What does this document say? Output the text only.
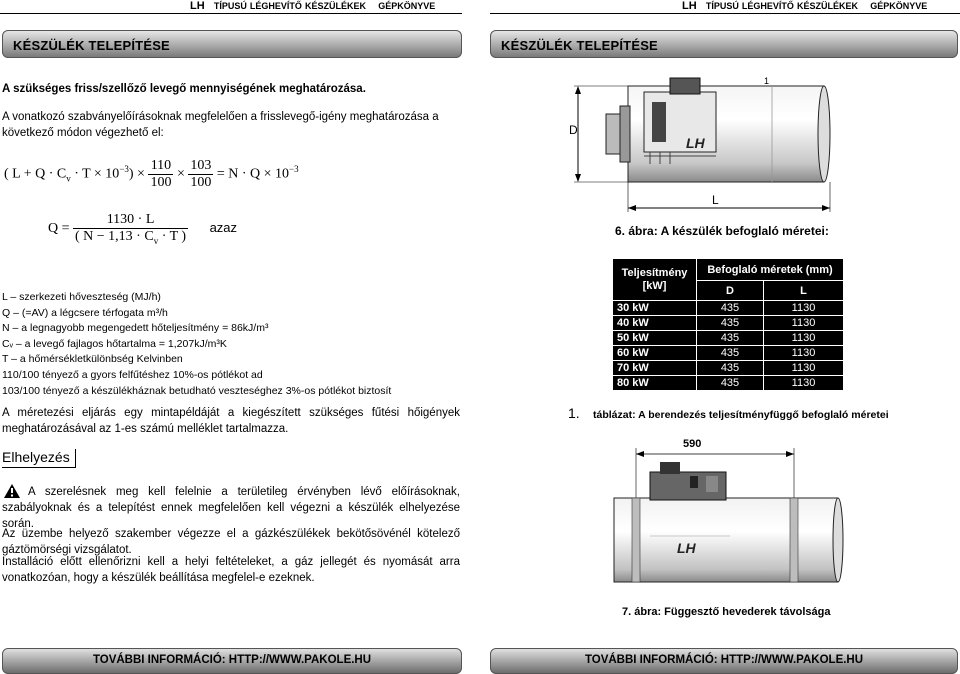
LH TÍPUSÚ LÉGHEVÍTŐ KÉSZÜLÉKEK GÉPKÖNYVE	LH TÍPUSÚ LÉGHEVÍTŐ KÉSZÜLÉKEK GÉPKÖNYVE
KÉSZÜLÉK TELEPÍTÉSE	KÉSZÜLÉK TELEPÍTÉSE
A szükséges friss/szellőző levegő mennyiségének meghatározása.
A vonatkozó szabványelőírásoknak megfelelően a frisslevegő-igény meghatározása a következő módon végezhető el:
( $L + Q \cdot C_v \cdot T \times 10^{-3}) \times \frac{110}{100} \times \frac{103}{100} = N \cdot Q \times 10^{-3}$
$Q = \frac{1130 \cdot L}{( N - 1,13 \cdot C_v \cdot T )}$ azaz
L – szerkezeti hőveszteség (MJ/h)
Q – (=AV) a légcsere térfogata m³/h
N – a legnagyobb megengedett hőteljesítmény = 86kJ/m³
Cᵥ – a levegő fajlagos hőtartalma = 1,207kJ/m³K
T – a hőmérsékletkülönbség Kelvinben
110/100 tényező a gyors felfűtéshez 10%-os pótlékot ad
103/100 tényező a készülékháznak betudható veszteséghez 3%-os pótlékot biztosít
A méretezési eljárás egy mintapéldáját a kiegészített szükséges fűtési hőigények meghatározásával az 1-es számú melléklet tartalmazza.
Elhelyezés
A szerelésnek meg kell felelnie a területileg érvényben lévő előírásoknak, szabályoknak és a telepítést ennek megfelelően kell végezni a készülék elhelyezése során.
Az üzembe helyező szakember végezze el a gázkészülékek bekötősövénél kötelező gáztömörségi vizsgálatot.
Installáció előtt ellenőrizni kell a helyi feltételeket, a gáz jellegét és nyomását arra vonatkozóan, hogy a készülék beállítása megfelel-e ezeknek.
TOVÁBBI INFORMÁCIÓ: HTTP://WWW.PAKOLE.HU
D
L
1
LH
6. ábra: A készülék befoglaló méretei:
Teljesítmény [kW]	Befoglaló méretek (mm)	
	D	L
30 kW	435	1130
40 kW	435	1130
50 kW	435	1130
60 kW	435	1130
70 kW	435	1130
80 kW	435	1130
1. táblázat: A berendezés teljesítményfüggő befoglaló méretei
590
LH
7. ábra: Függesztő hevederek távolsága
TOVÁBBI INFORMÁCIÓ: HTTP://WWW.PAKOLE.HU
